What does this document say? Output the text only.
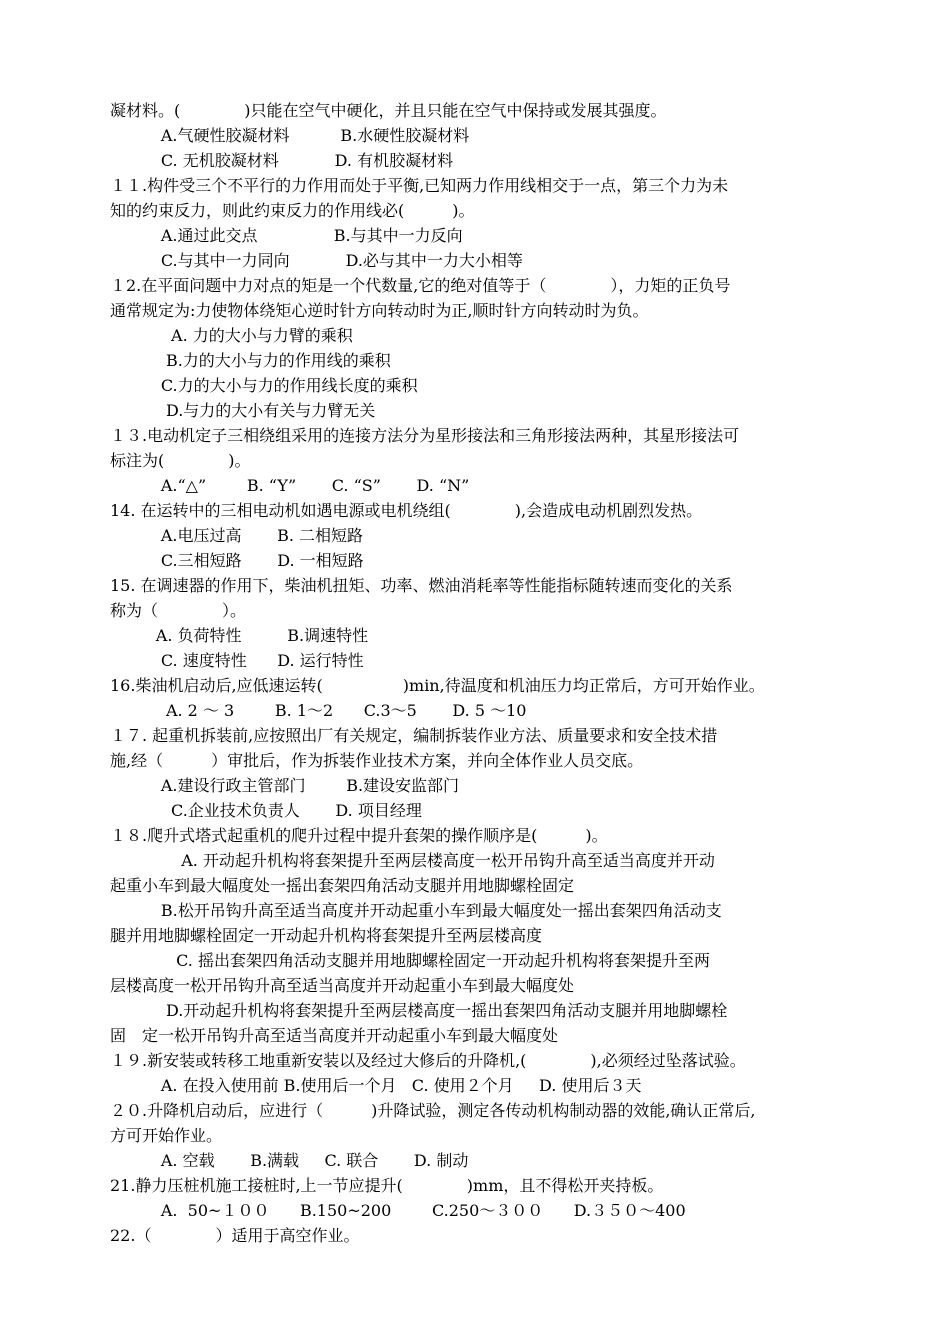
凝材料。(　　　　)只能在空气中硬化，并且只能在空气中保持或发展其强度。
A.气硬性胶凝材料          B.水硬性胶凝材料
C. 无机胶凝材料           D. 有机胶凝材料
１１.构件受三个不平行的力作用而处于平衡,已知两力作用线相交于一点，第三个力为未
知的约束反力，则此约束反力的作用线必(　　　)。
A.通过此交点               B.与其中一力反向
C.与其中一力同向           D.必与其中一力大小相等
１2.在平面问题中力对点的矩是一个代数量,它的绝对值等于（　　　　），力矩的正负号
通常规定为:力使物体绕矩心逆时针方向转动时为正,顺时针方向转动时为负。
A. 力的大小与力臂的乘积
B.力的大小与力的作用线的乘积
C.力的大小与力的作用线长度的乘积
D.与力的大小有关与力臂无关
１３.电动机定子三相绕组采用的连接方法分为星形接法和三角形接法两种，其星形接法可
标注为(　　　　)。
A.“△”        B. “Y”       C. “S”       D. “N”
14. 在运转中的三相电动机如遇电源或电机绕组(　　　　),会造成电动机剧烈发热。
A.电压过高       B. 二相短路
C.三相短路       D. 一相短路
15. 在调速器的作用下，柴油机扭矩、功率、燃油消耗率等性能指标随转速而变化的关系
称为（　　　　）。
A. 负荷特性         B.调速特性
C. 速度特性      D. 运行特性
16.柴油机启动后,应低速运转(　　　　　)min,待温度和机油压力均正常后，方可开始作业。
A. 2 ～ 3        B. 1～2      C.3～5       D. 5 ～10
１７. 起重机拆装前,应按照出厂有关规定，编制拆装作业方法、质量要求和安全技术措
施,经（　　　）审批后，作为拆装作业技术方案，并向全体作业人员交底。
A.建设行政主管部门        B.建设安监部门
C.企业技术负责人       D. 项目经理
１８.爬升式塔式起重机的爬升过程中提升套架的操作顺序是(　　　)。
A. 开动起升机构将套架提升至两层楼高度一松开吊钩升高至适当高度并开动
起重小车到最大幅度处一摇出套架四角活动支腿并用地脚螺栓固定
B.松开吊钩升高至适当高度并开动起重小车到最大幅度处一摇出套架四角活动支
腿并用地脚螺栓固定一开动起升机构将套架提升至两层楼高度
C. 摇出套架四角活动支腿并用地脚螺栓固定一开动起升机构将套架提升至两
层楼高度一松开吊钩升高至适当高度并开动起重小车到最大幅度处
D.开动起升机构将套架提升至两层楼高度一摇出套架四角活动支腿并用地脚螺栓
固　定一松开吊钩升高至适当高度并开动起重小车到最大幅度处
１９.新安装或转移工地重新安装以及经过大修后的升降机,(　　　　),必须经过坠落试验。
A. 在投入使用前 B.使用后一个月   C. 使用２个月     D. 使用后３天
２０.升降机启动后，应进行（　　　)升降试验，测定各传动机构制动器的效能,确认正常后,
方可开始作业。
A. 空载       B.满载     C. 联合       D. 制动
21.静力压桩机施工接桩时,上一节应提升(　　　　)mm，且不得松开夹持板。
A.  50~１００      B.150~200        C.250～３００      D.３５０～400
22.（　　　　）适用于高空作业。
